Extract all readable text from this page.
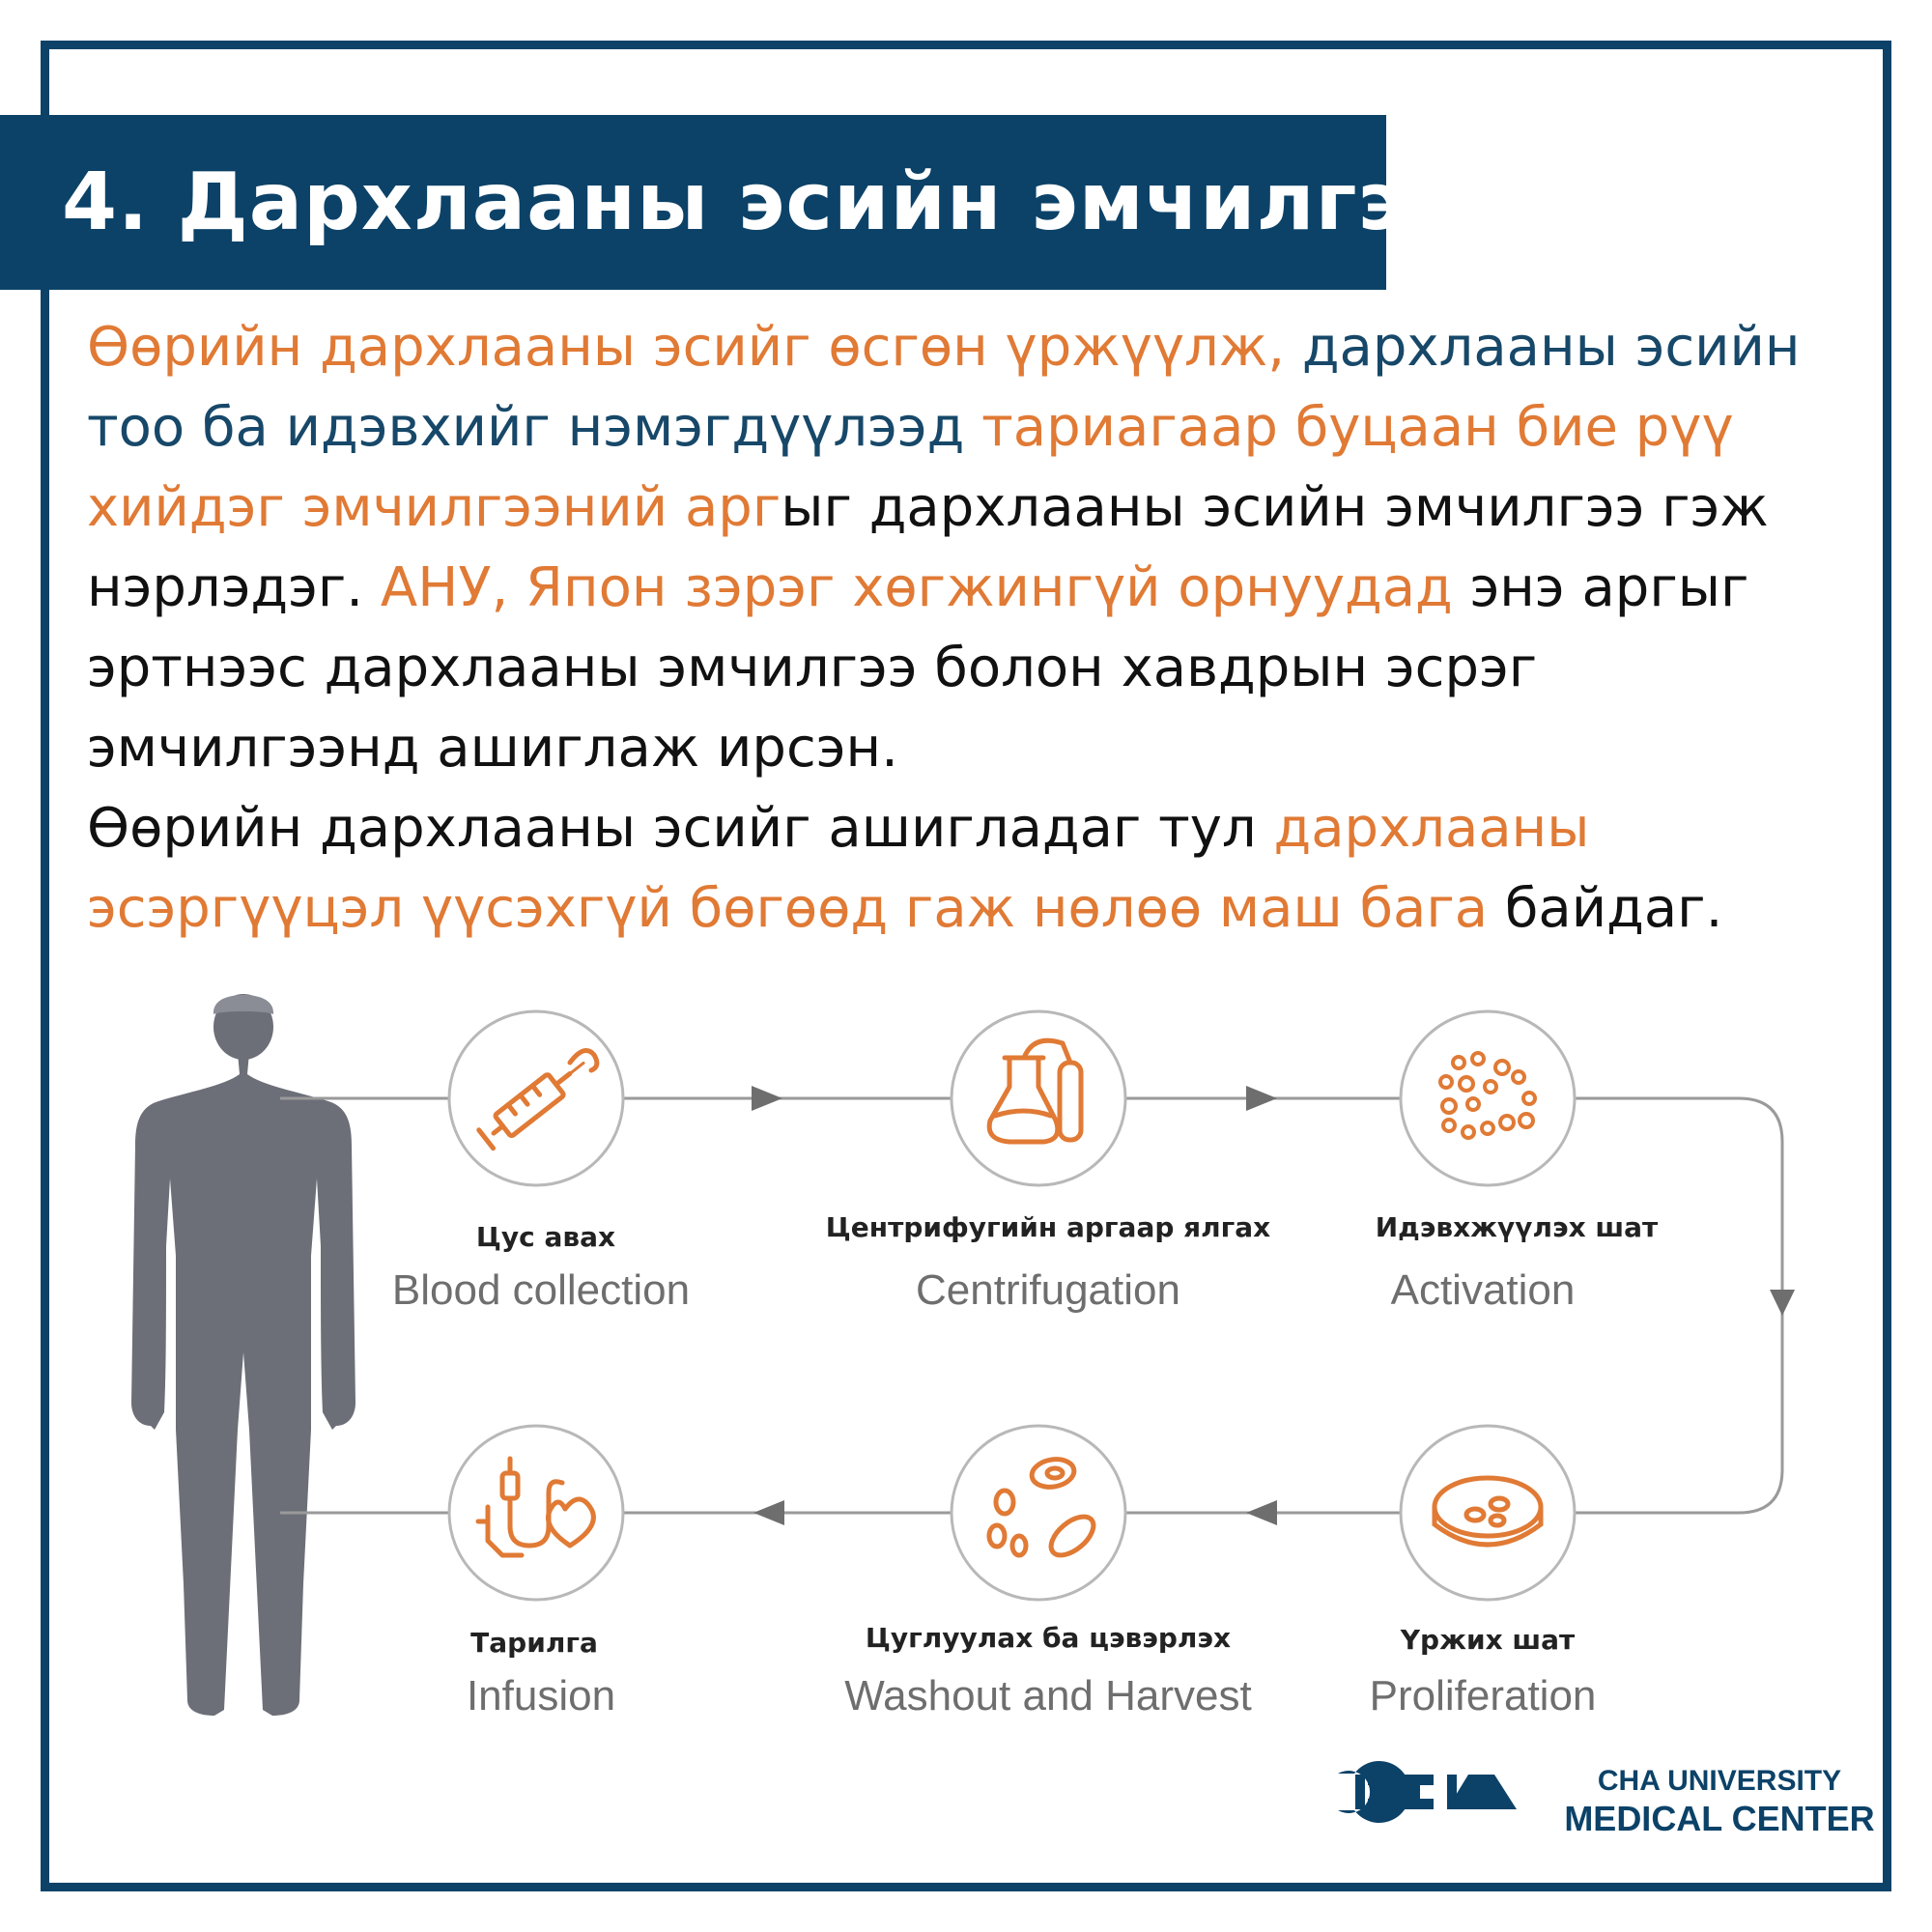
4. Дархлааны эсийн эмчилгээ

Өөрийн дархлааны эсийг өсгөн үржүүлж, дархлааны эсийн тоо ба идэвхийг нэмэгдүүлээд тариагаар буцаан бие рүү хийдэг эмчилгээний аргыг дархлааны эсийн эмчилгээ гэж нэрлэдэг. АНУ, Япон зэрэг хөгжингүй орнуудад энэ аргыг эртнээс дархлааны эмчилгээ болон хавдрын эсрэг эмчилгээнд ашиглаж ирсэн.
Өөрийн дархлааны эсийг ашигладаг тул дархлааны эсэргүүцэл үүсэхгүй бөгөөд гаж нөлөө маш бага байдаг.

Цус авах
Blood collection
Центрифугийн аргаар ялгах
Centrifugation
Идэвхжүүлэх шат
Activation
Үржих шат
Proliferation
Цуглуулах ба цэвэрлэх
Washout and Harvest
Тарилга
Infusion
CHA UNIVERSITY
MEDICAL CENTER
